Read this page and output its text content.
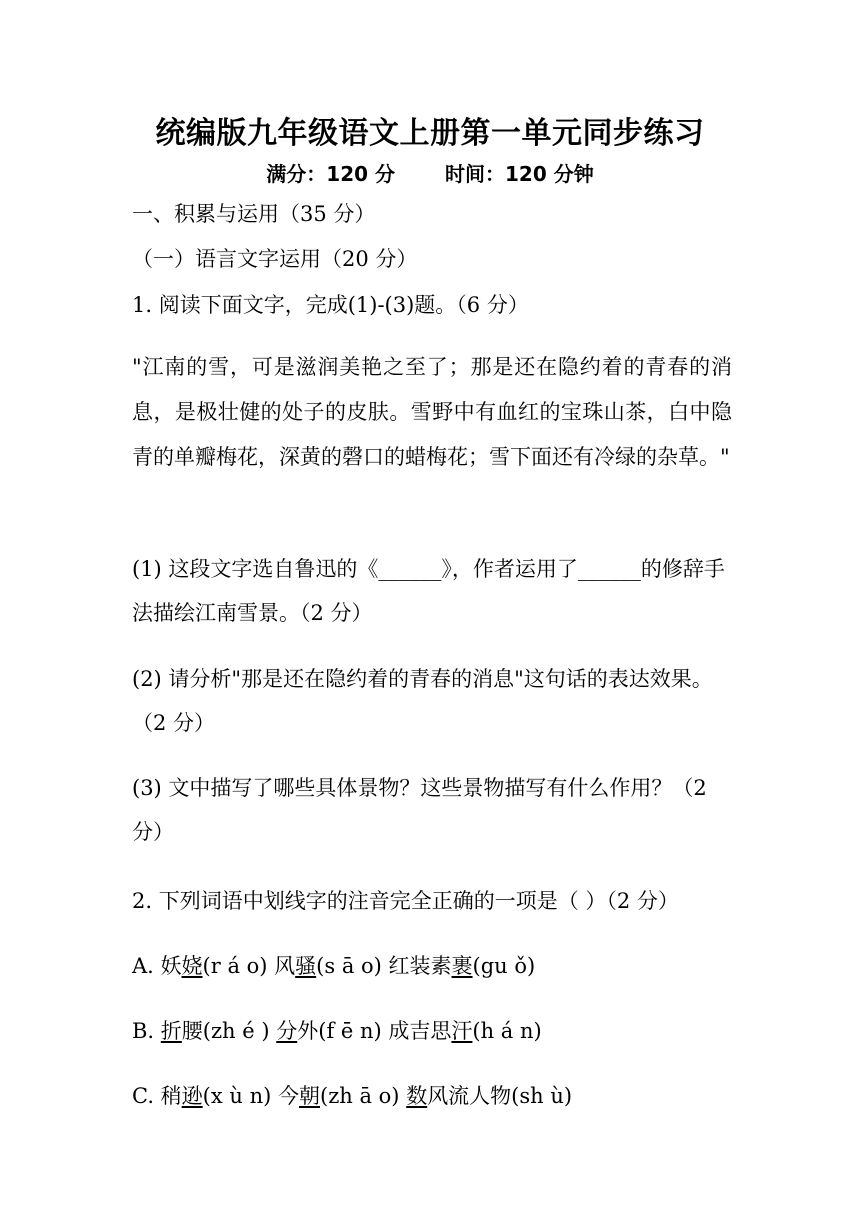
统编版九年级语文上册第一单元同步练习
满分：120 分	时间：120 分钟

一、积累与运用（35 分）

（一）语言文字运用（20 分）

1. 阅读下面文字，完成(1)-(3)题。（6 分）

"江南的雪，可是滋润美艳之至了；那是还在隐约着的青春的消息，是极壮健的处子的皮肤。雪野中有血红的宝珠山茶，白中隐青的单瓣梅花，深黄的磬口的蜡梅花；雪下面还有冷绿的杂草。"

(1) 这段文字选自鲁迅的《______》，作者运用了______的修辞手法描绘江南雪景。（2 分）

(2) 请分析"那是还在隐约着的青春的消息"这句话的表达效果。（2 分）

(3) 文中描写了哪些具体景物？这些景物描写有什么作用？（2 分）

2. 下列词语中划线字的注音完全正确的一项是（ ）（2 分）

A. 妖娆(r á o) 风骚(s ā o) 红装素裹(gu ǒ)

B. 折腰(zh é ) 分外(f ē n) 成吉思汗(h á n)

C. 稍逊(x ù n) 今朝(zh ā o) 数风流人物(sh ù)
